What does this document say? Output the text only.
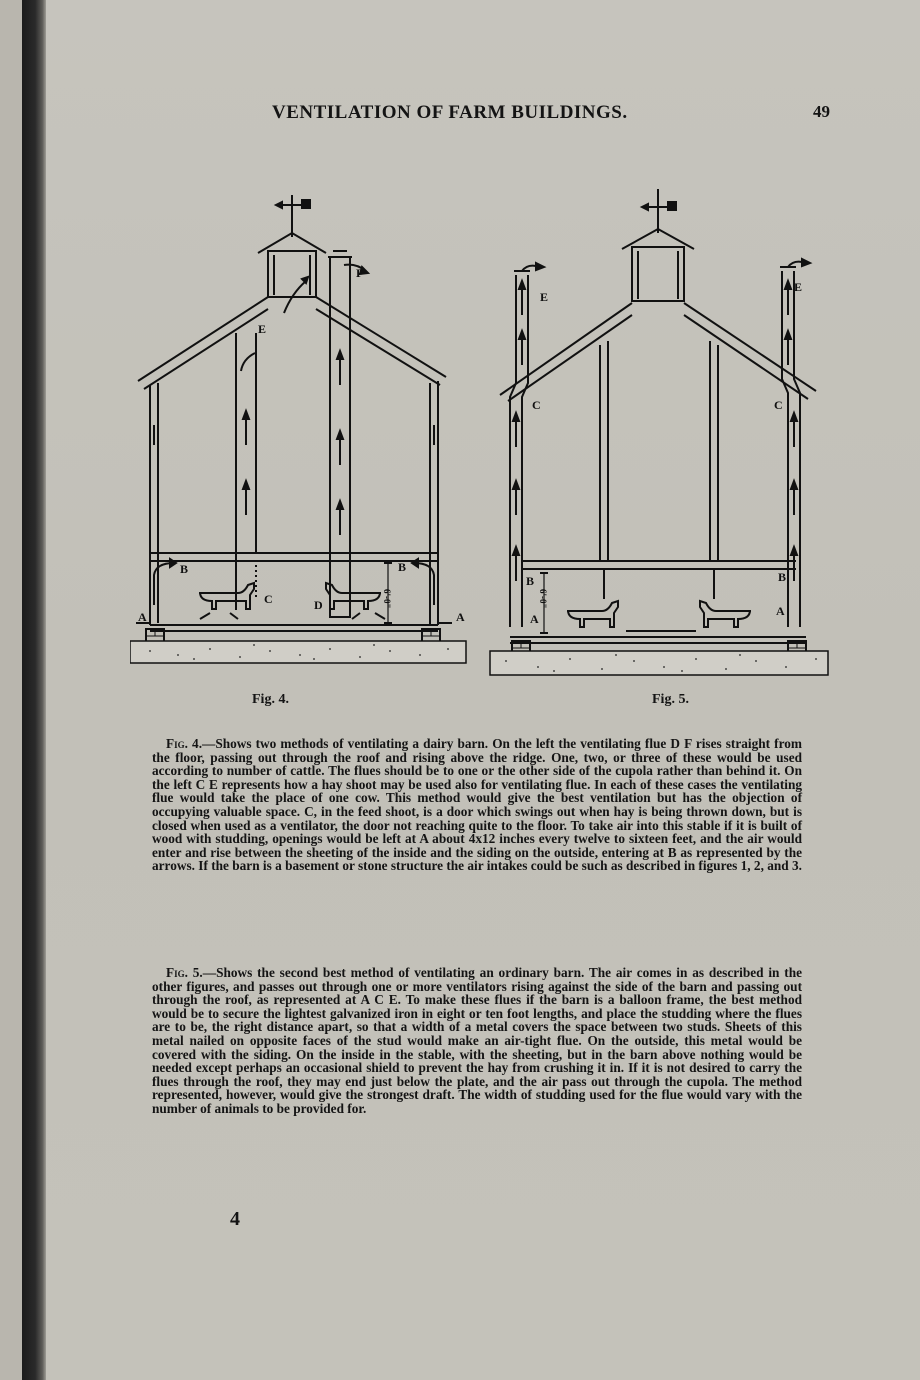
VENTILATION OF FARM BUILDINGS.	49
A	A
B	B
C	D
E
F
6'-0"
A
A
B	B
C	C
E
E
6'-0"
Fig. 4.	Fig. 5.

Fig. 4.—Shows two methods of ventilating a dairy barn. On the left the ventilating flue D F rises straight from the floor, passing out through the roof and rising above the ridge. One, two, or three of these would be used according to number of cattle. The flues should be to one or the other side of the cupola rather than behind it. On the left C E represents how a hay shoot may be used also for ventilating flue. In each of these cases the ventilating flue would take the place of one cow. This method would give the best ventilation but has the objection of occupying valuable space. C, in the feed shoot, is a door which swings out when hay is being thrown down, but is closed when used as a ventilator, the door not reaching quite to the floor. To take air into this stable if it is built of wood with studding, openings would be left at A about 4x12 inches every twelve to sixteen feet, and the air would enter and rise between the sheeting of the inside and the siding on the outside, entering at B as represented by the arrows. If the barn is a basement or stone structure the air intakes could be such as described in figures 1, 2, and 3.

Fig. 5.—Shows the second best method of ventilating an ordinary barn. The air comes in as described in the other figures, and passes out through one or more ventilators rising against the side of the barn and passing out through the roof, as represented at A C E. To make these flues if the barn is a balloon frame, the best method would be to secure the lightest galvanized iron in eight or ten foot lengths, and place the studding where the flues are to be, the right distance apart, so that a width of a metal covers the space between two studs. Sheets of this metal nailed on opposite faces of the stud would make an air-tight flue. On the outside, this metal would be covered with the siding. On the inside in the stable, with the sheeting, but in the barn above nothing would be needed except perhaps an occasional shield to prevent the hay from crushing it in. If it is not desired to carry the flues through the roof, they may end just below the plate, and the air pass out through the cupola. The method represented, however, would give the strongest draft. The width of studding used for the flue would vary with the number of animals to be provided for.

4
